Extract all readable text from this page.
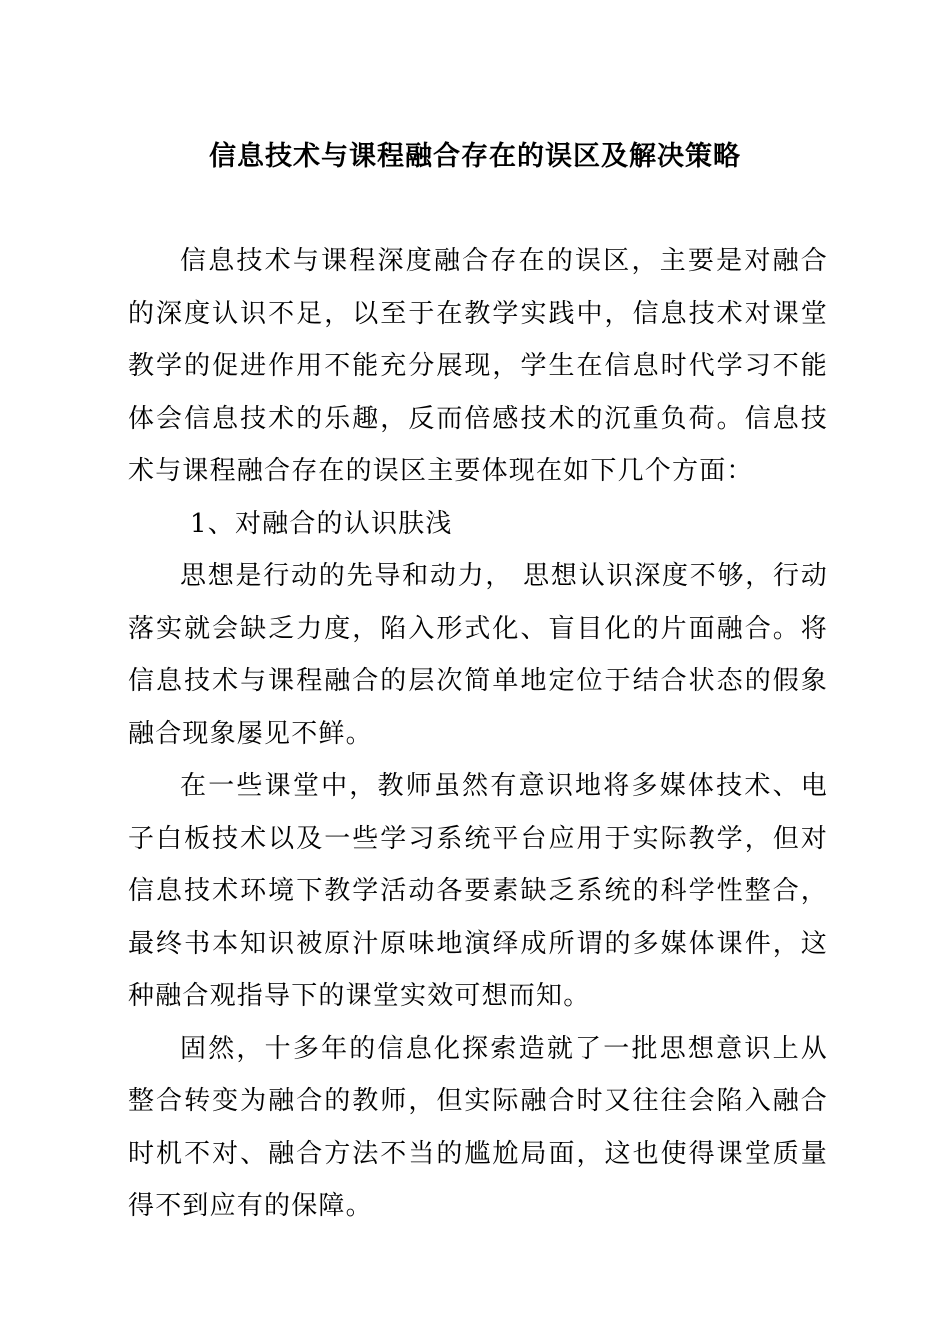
信息技术与课程融合存在的误区及解决策略

信息技术与课程深度融合存在的误区，主要是对融合的深度认识不足，以至于在教学实践中，信息技术对课堂教学的促进作用不能充分展现，学生在信息时代学习不能体会信息技术的乐趣，反而倍感技术的沉重负荷。信息技术与课程融合存在的误区主要体现在如下几个方面：

1、对融合的认识肤浅

思想是行动的先导和动力， 思想认识深度不够，行动落实就会缺乏力度，陷入形式化、盲目化的片面融合。将信息技术与课程融合的层次简单地定位于结合状态的假象融合现象屡见不鲜。

在一些课堂中，教师虽然有意识地将多媒体技术、电子白板技术以及一些学习系统平台应用于实际教学，但对信息技术环境下教学活动各要素缺乏系统的科学性整合，最终书本知识被原汁原味地演绎成所谓的多媒体课件，这种融合观指导下的课堂实效可想而知。

固然，十多年的信息化探索造就了一批思想意识上从整合转变为融合的教师，但实际融合时又往往会陷入融合时机不对、融合方法不当的尴尬局面，这也使得课堂质量得不到应有的保障。
